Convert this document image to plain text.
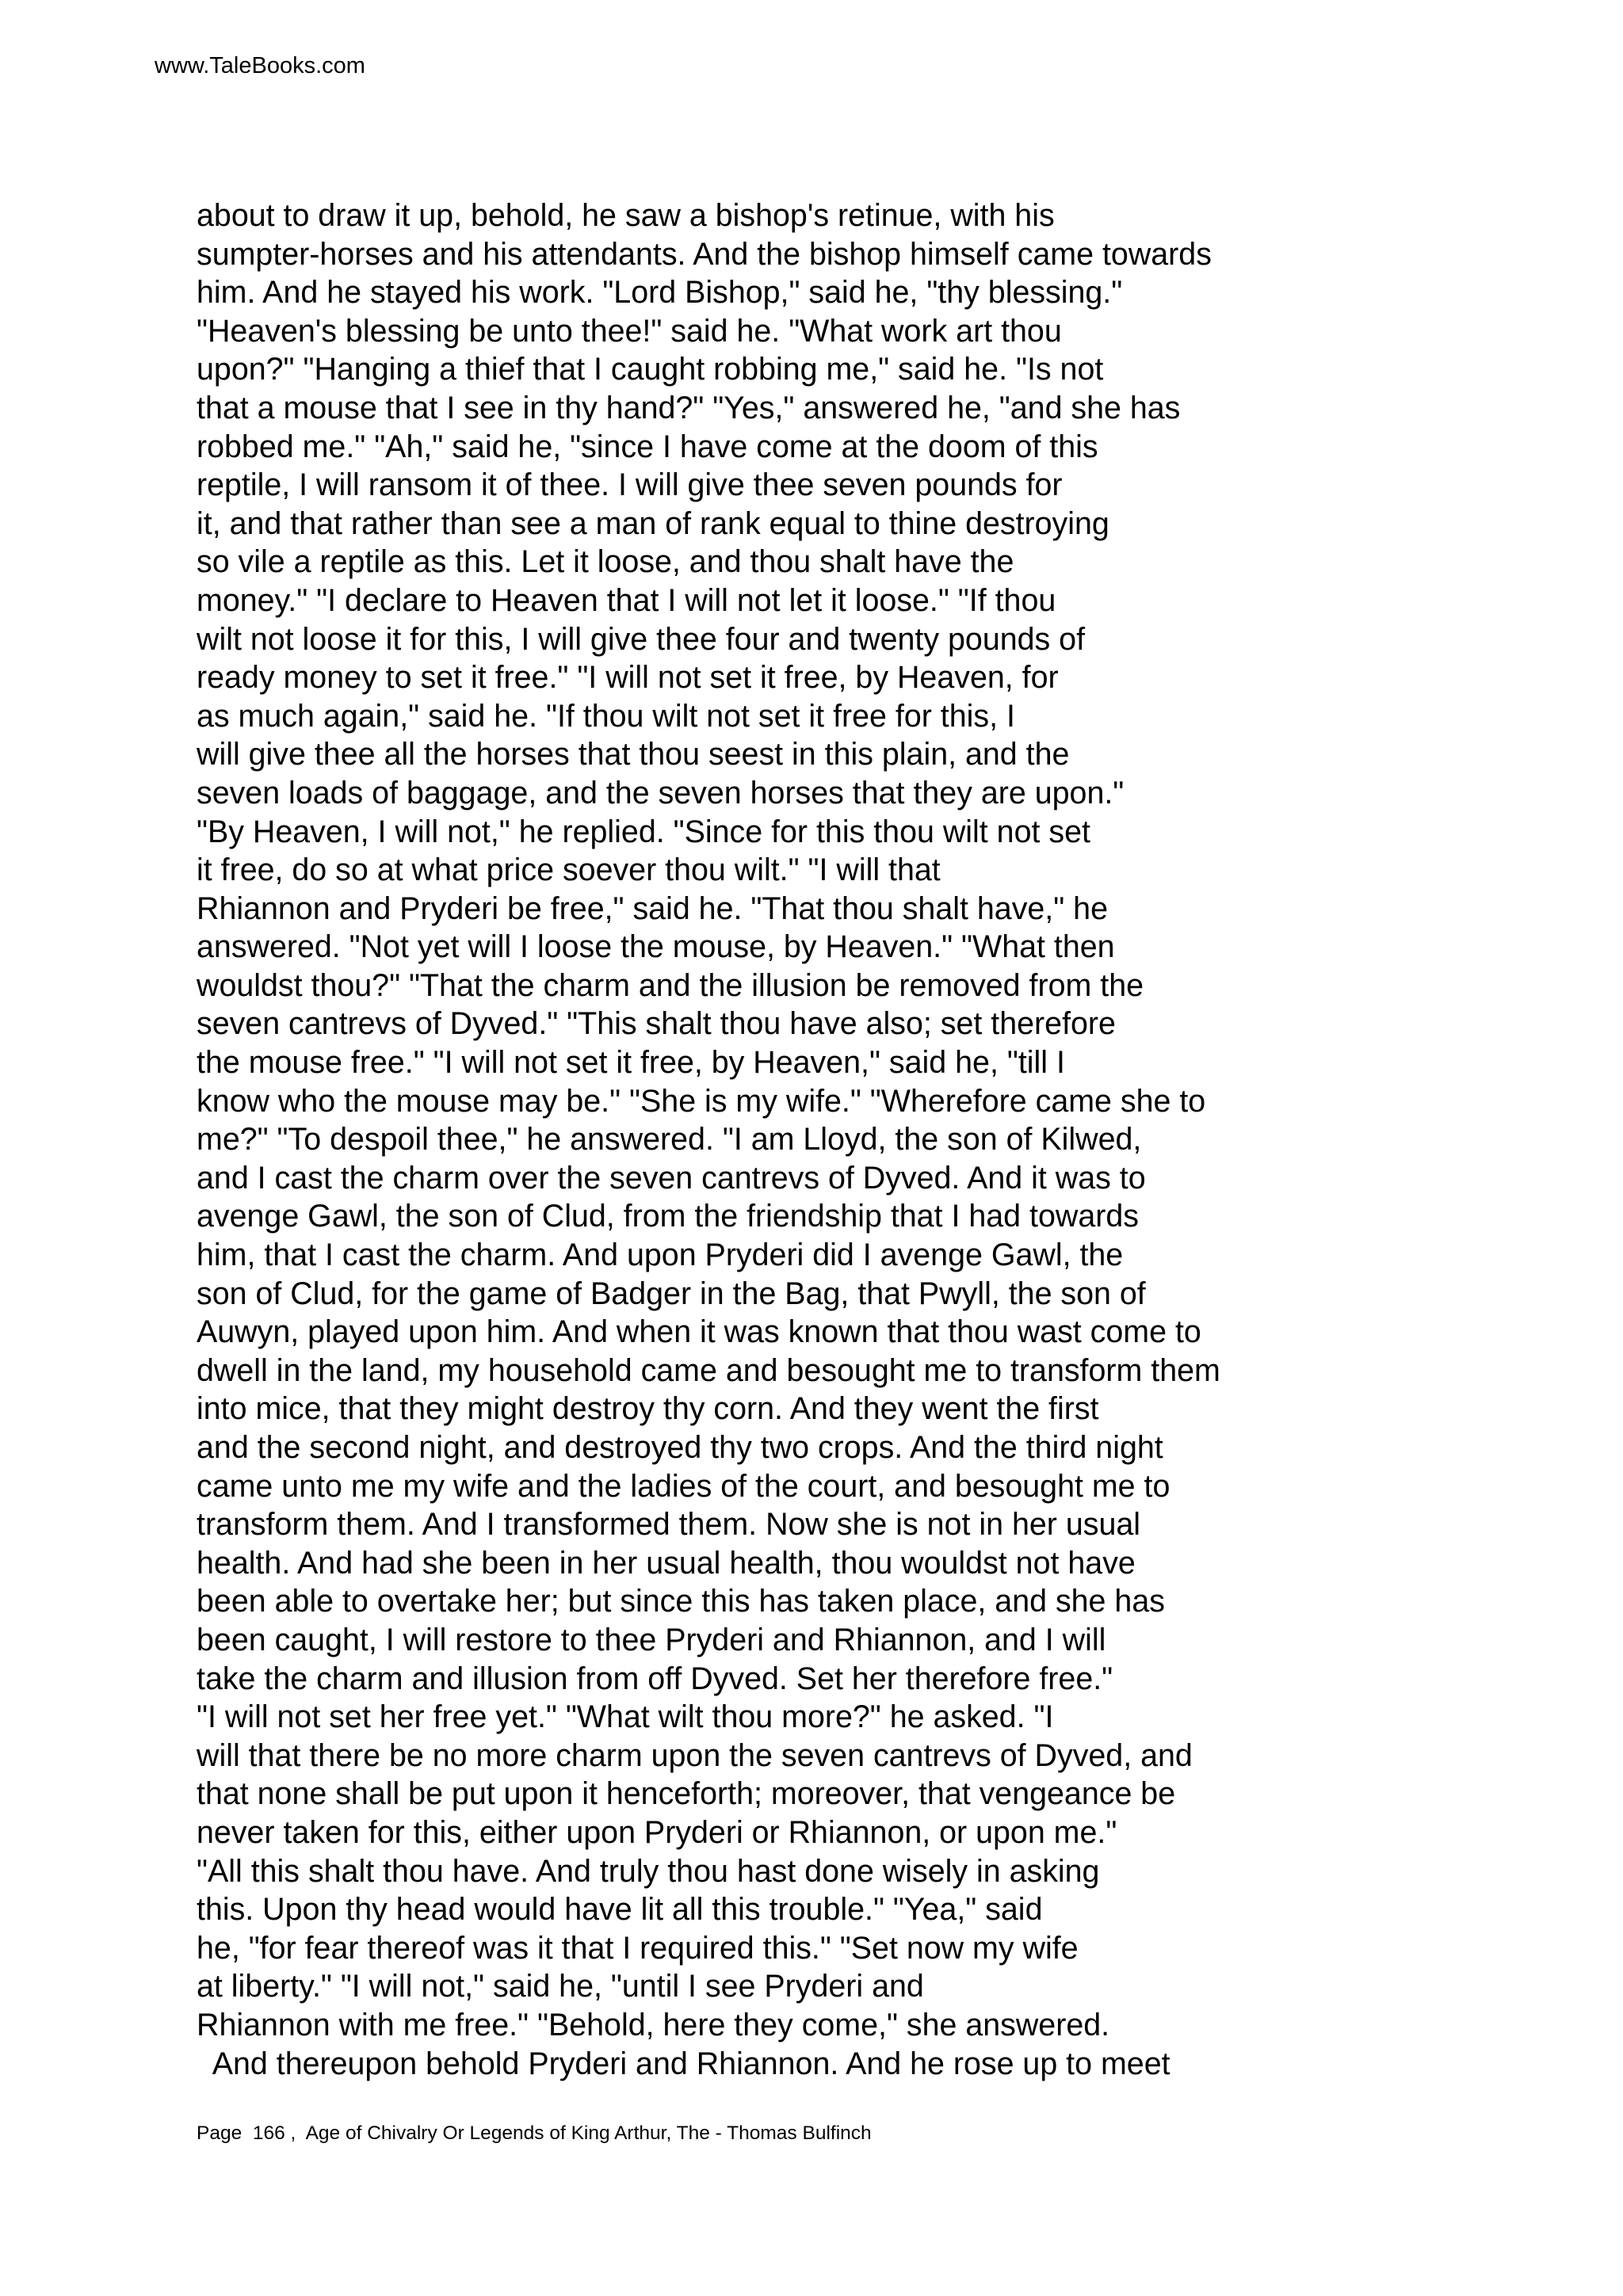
www.TaleBooks.com
about to draw it up, behold, he saw a bishop's retinue, with his
sumpter-horses and his attendants. And the bishop himself came towards
him. And he stayed his work. "Lord Bishop," said he, "thy blessing."
"Heaven's blessing be unto thee!" said he. "What work art thou
upon?" "Hanging a thief that I caught robbing me," said he. "Is not
that a mouse that I see in thy hand?" "Yes," answered he, "and she has
robbed me." "Ah," said he, "since I have come at the doom of this
reptile, I will ransom it of thee. I will give thee seven pounds for
it, and that rather than see a man of rank equal to thine destroying
so vile a reptile as this. Let it loose, and thou shalt have the
money." "I declare to Heaven that I will not let it loose." "If thou
wilt not loose it for this, I will give thee four and twenty pounds of
ready money to set it free." "I will not set it free, by Heaven, for
as much again," said he. "If thou wilt not set it free for this, I
will give thee all the horses that thou seest in this plain, and the
seven loads of baggage, and the seven horses that they are upon."
"By Heaven, I will not," he replied. "Since for this thou wilt not set
it free, do so at what price soever thou wilt." "I will that
Rhiannon and Pryderi be free," said he. "That thou shalt have," he
answered. "Not yet will I loose the mouse, by Heaven." "What then
wouldst thou?" "That the charm and the illusion be removed from the
seven cantrevs of Dyved." "This shalt thou have also; set therefore
the mouse free." "I will not set it free, by Heaven," said he, "till I
know who the mouse may be." "She is my wife." "Wherefore came she to
me?" "To despoil thee," he answered. "I am Lloyd, the son of Kilwed,
and I cast the charm over the seven cantrevs of Dyved. And it was to
avenge Gawl, the son of Clud, from the friendship that I had towards
him, that I cast the charm. And upon Pryderi did I avenge Gawl, the
son of Clud, for the game of Badger in the Bag, that Pwyll, the son of
Auwyn, played upon him. And when it was known that thou wast come to
dwell in the land, my household came and besought me to transform them
into mice, that they might destroy thy corn. And they went the first
and the second night, and destroyed thy two crops. And the third night
came unto me my wife and the ladies of the court, and besought me to
transform them. And I transformed them. Now she is not in her usual
health. And had she been in her usual health, thou wouldst not have
been able to overtake her; but since this has taken place, and she has
been caught, I will restore to thee Pryderi and Rhiannon, and I will
take the charm and illusion from off Dyved. Set her therefore free."
"I will not set her free yet." "What wilt thou more?" he asked. "I
will that there be no more charm upon the seven cantrevs of Dyved, and
that none shall be put upon it henceforth; moreover, that vengeance be
never taken for this, either upon Pryderi or Rhiannon, or upon me."
"All this shalt thou have. And truly thou hast done wisely in asking
this. Upon thy head would have lit all this trouble." "Yea," said
he, "for fear thereof was it that I required this." "Set now my wife
at liberty." "I will not," said he, "until I see Pryderi and
Rhiannon with me free." "Behold, here they come," she answered.
And thereupon behold Pryderi and Rhiannon. And he rose up to meet
Page  166 ,  Age of Chivalry Or Legends of King Arthur, The - Thomas Bulfinch
